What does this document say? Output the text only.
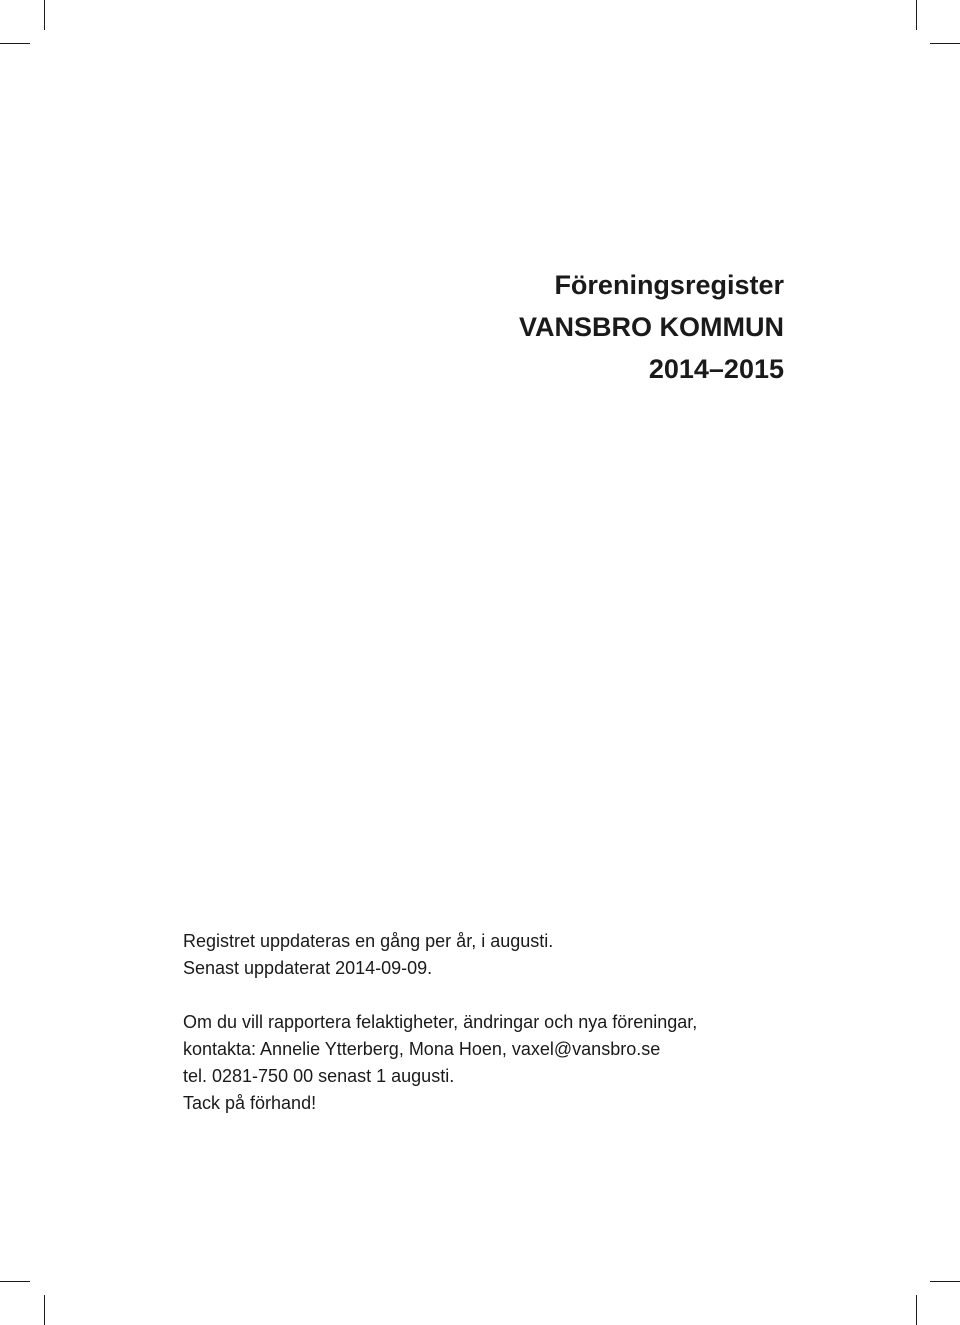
Föreningsregister

VANSBRO KOMMUN

2014–2015

Registret uppdateras en gång per år, i augusti.

Senast uppdaterat 2014-09-09.

Om du vill rapportera felaktigheter, ändringar och nya föreningar,

kontakta: Annelie Ytterberg, Mona Hoen, vaxel@vansbro.se

tel. 0281-750 00 senast 1 augusti.

Tack på förhand!
